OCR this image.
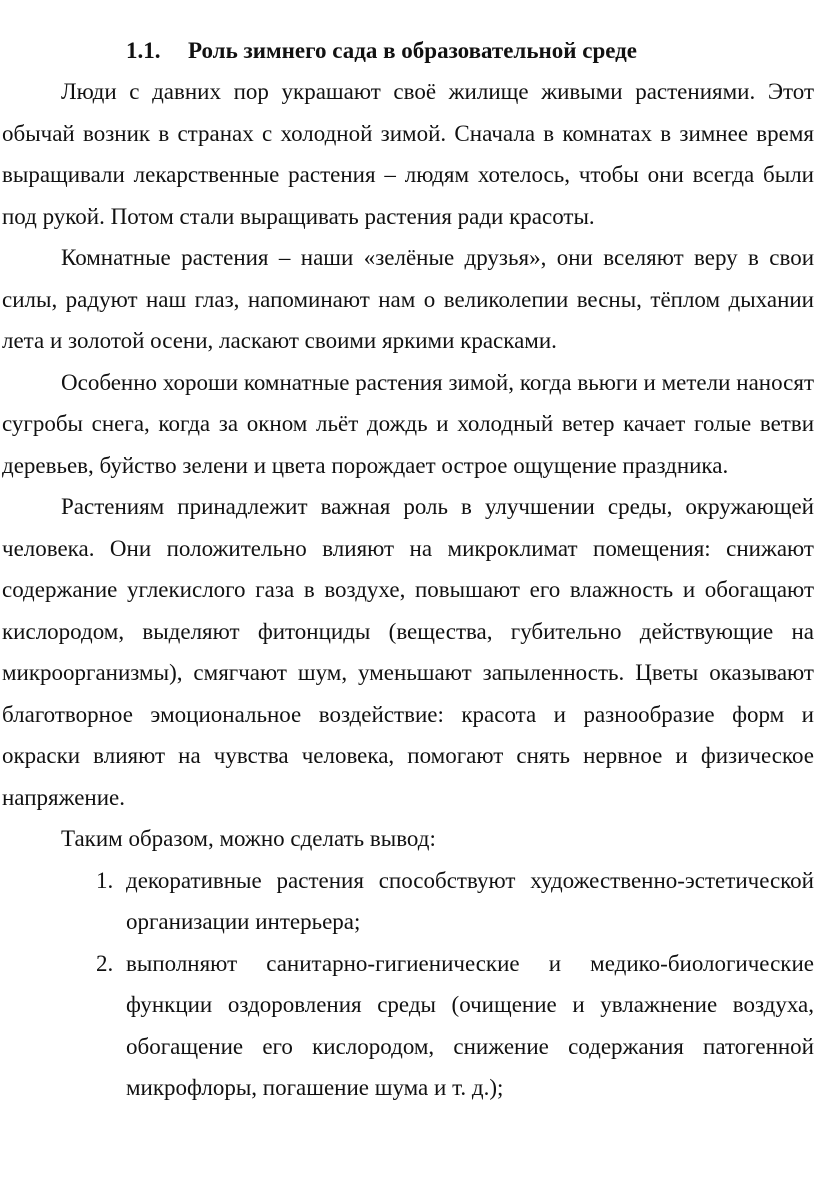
1.1. Роль зимнего сада в образовательной среде

Люди с давних пор украшают своё жилище живыми растениями. Этот обычай возник в странах с холодной зимой. Сначала в комнатах в зимнее время выращивали лекарственные растения – людям хотелось, чтобы они всегда были под рукой. Потом стали выращивать растения ради красоты.

Комнатные растения – наши «зелёные друзья», они вселяют веру в свои силы, радуют наш глаз, напоминают нам о великолепии весны, тёплом дыхании лета и золотой осени, ласкают своими яркими красками.

Особенно хороши комнатные растения зимой, когда вьюги и метели наносят сугробы снега, когда за окном льёт дождь и холодный ветер качает голые ветви деревьев, буйство зелени и цвета порождает острое ощущение праздника.

Растениям принадлежит важная роль в улучшении среды, окружающей человека. Они положительно влияют на микроклимат помещения: снижают содержание углекислого газа в воздухе, повышают его влажность и обогащают кислородом, выделяют фитонциды (вещества, губительно действующие на микроорганизмы), смягчают шум, уменьшают запыленность. Цветы оказывают благотворное эмоциональное воздействие: красота и разнообразие форм и окраски влияют на чувства человека, помогают снять нервное и физическое напряжение.

Таким образом, можно сделать вывод:

1. декоративные растения способствуют художественно-эстетической организации интерьера;
2. выполняют санитарно-гигиенические и медико-биологические функции оздоровления среды (очищение и увлажнение воздуха, обогащение его кислородом, снижение содержания патогенной микрофлоры, погашение шума и т. д.);
